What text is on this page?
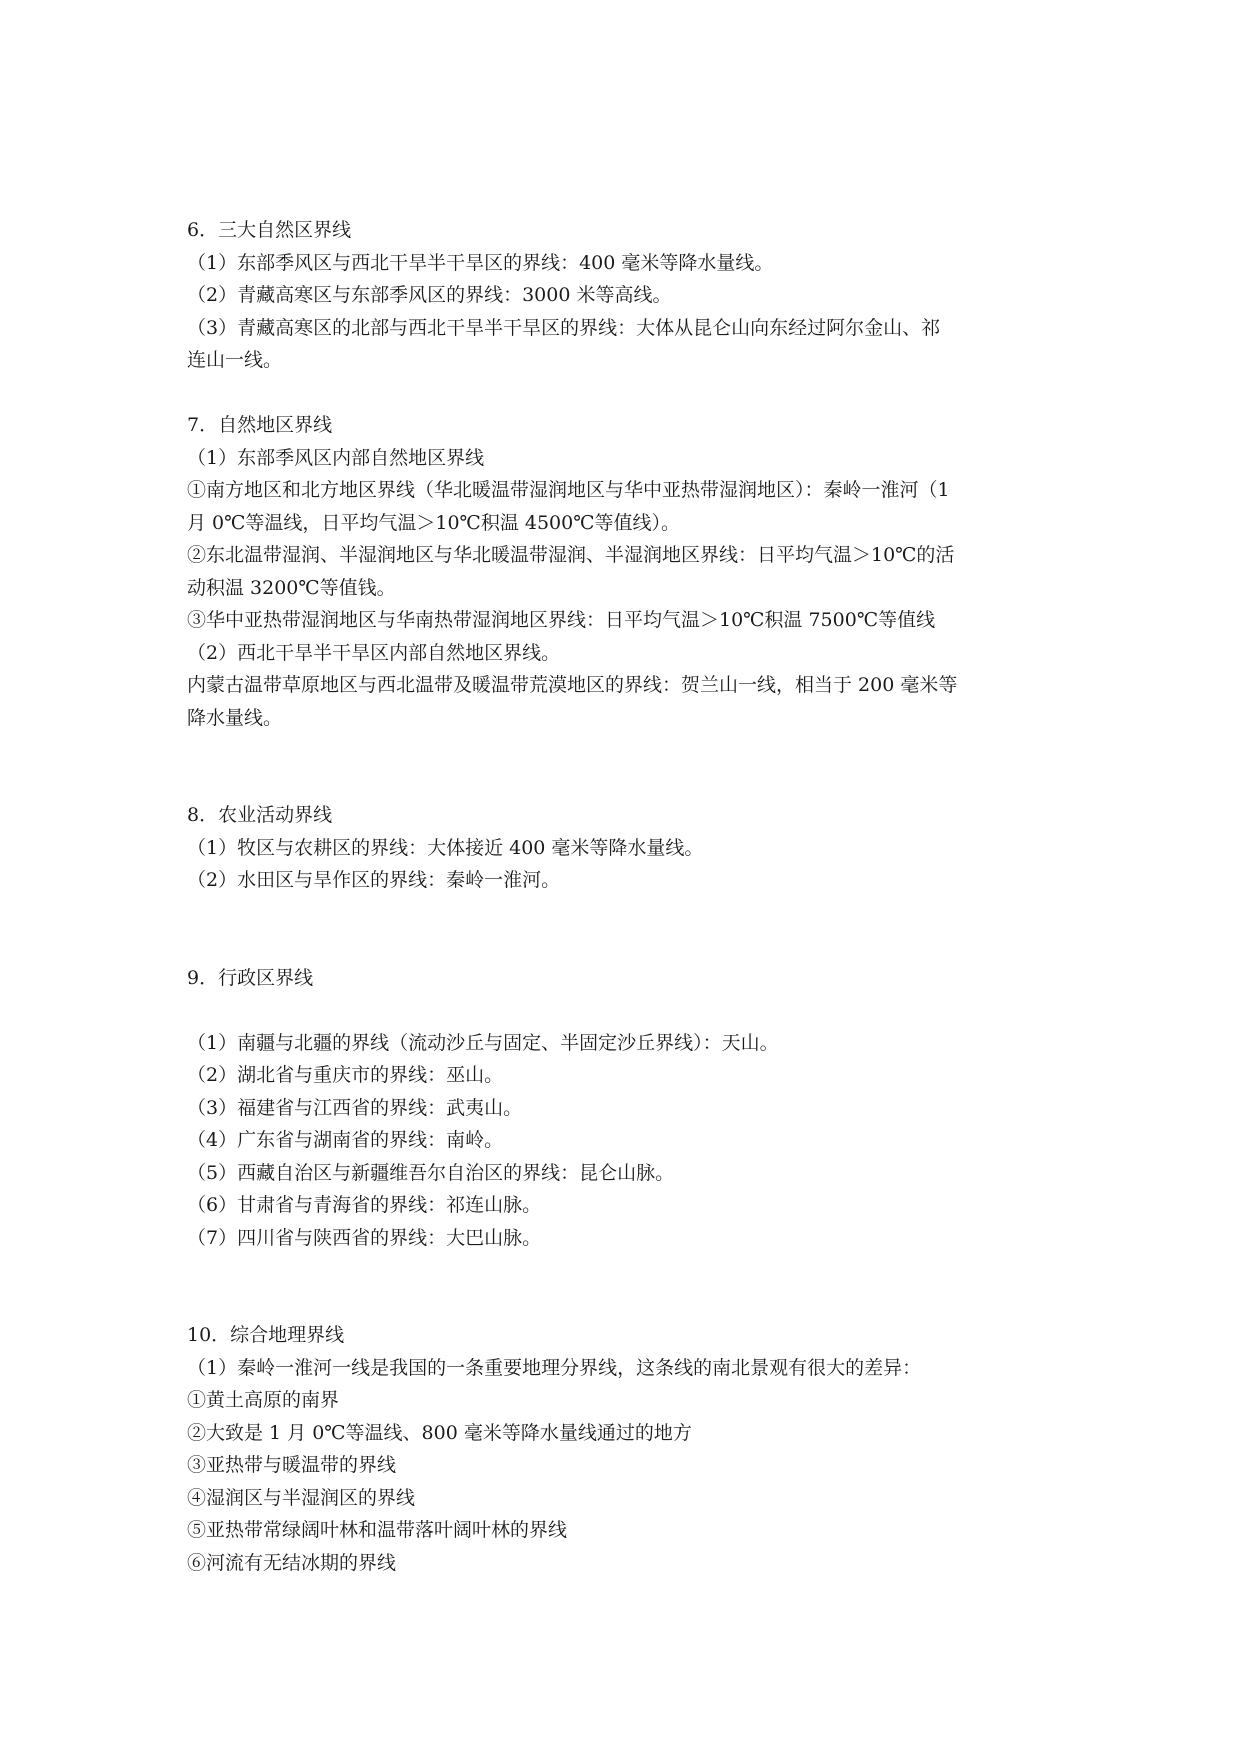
6．三大自然区界线
（1）东部季风区与西北干旱半干旱区的界线：400 毫米等降水量线。
（2）青藏高寒区与东部季风区的界线：3000 米等高线。
（3）青藏高寒区的北部与西北干旱半干旱区的界线：大体从昆仑山向东经过阿尔金山、祁
连山一线。
7．自然地区界线
（1）东部季风区内部自然地区界线
①南方地区和北方地区界线（华北暖温带湿润地区与华中亚热带湿润地区）：秦岭一淮河（1
月 0℃等温线，日平均气温＞10℃积温 4500℃等值线）。
②东北温带湿润、半湿润地区与华北暖温带湿润、半湿润地区界线：日平均气温＞10℃的活
动积温 3200℃等值钱。
③华中亚热带湿润地区与华南热带湿润地区界线：日平均气温＞10℃积温 7500℃等值线
（2）西北干旱半干旱区内部自然地区界线。
内蒙古温带草原地区与西北温带及暖温带荒漠地区的界线：贺兰山一线，相当于 200 毫米等
降水量线。
8．农业活动界线
（1）牧区与农耕区的界线：大体接近 400 毫米等降水量线。
（2）水田区与旱作区的界线：秦岭一淮河。
9．行政区界线
（1）南疆与北疆的界线（流动沙丘与固定、半固定沙丘界线）：天山。
（2）湖北省与重庆市的界线：巫山。
（3）福建省与江西省的界线：武夷山。
（4）广东省与湖南省的界线：南岭。
（5）西藏自治区与新疆维吾尔自治区的界线：昆仑山脉。
（6）甘肃省与青海省的界线：祁连山脉。
（7）四川省与陕西省的界线：大巴山脉。
10．综合地理界线
（1）秦岭一淮河一线是我国的一条重要地理分界线，这条线的南北景观有很大的差异：
①黄土高原的南界
②大致是 1 月 0℃等温线、800 毫米等降水量线通过的地方
③亚热带与暖温带的界线
④湿润区与半湿润区的界线
⑤亚热带常绿阔叶林和温带落叶阔叶林的界线
⑥河流有无结冰期的界线
